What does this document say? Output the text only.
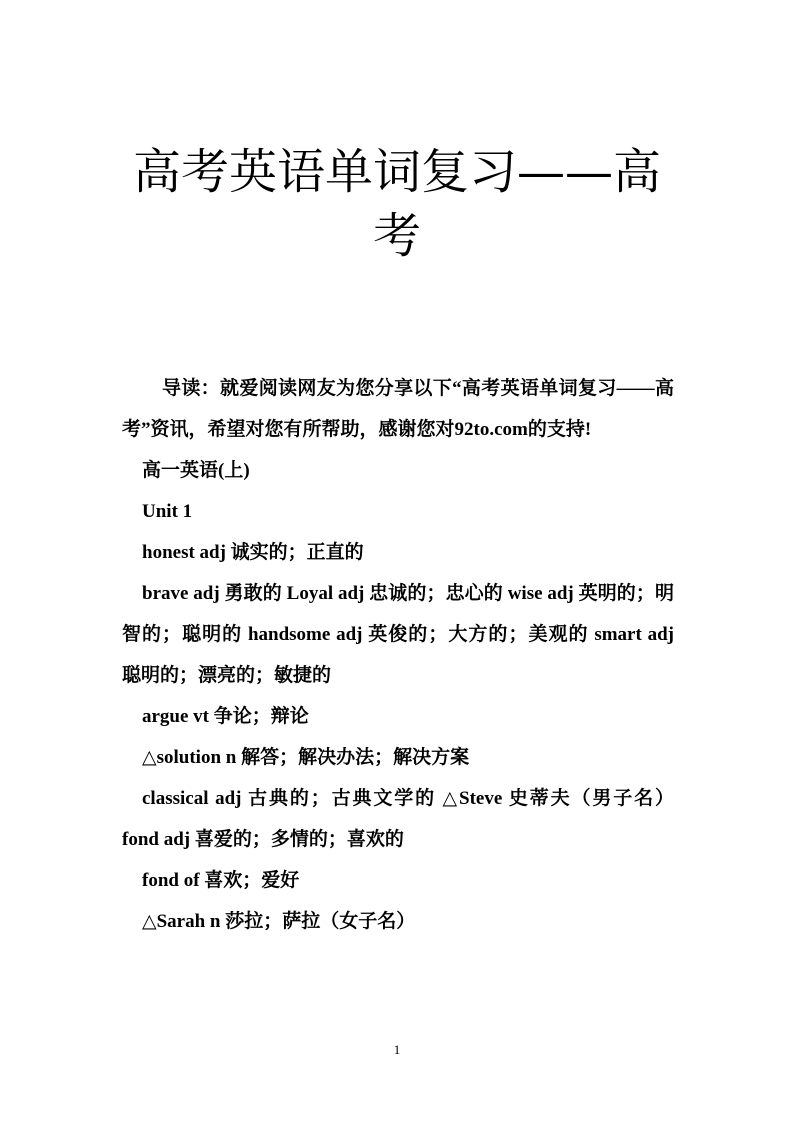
高考英语单词复习——高考

导读：就爱阅读网友为您分享以下“高考英语单词复习——高考”资讯，希望对您有所帮助，感谢您对92to.com的支持!

高一英语(上)

Unit 1

honest adj 诚实的；正直的

brave adj 勇敢的 Loyal adj 忠诚的；忠心的 wise adj 英明的；明智的；聪明的 handsome adj 英俊的；大方的；美观的 smart adj 聪明的；漂亮的；敏捷的

argue vt 争论；辩论

△solution n 解答；解决办法；解决方案

classical adj 古典的；古典文学的 △Steve 史蒂夫（男子名） fond adj 喜爱的；多情的；喜欢的

fond of 喜欢；爱好

△Sarah n 莎拉；萨拉（女子名）

1
